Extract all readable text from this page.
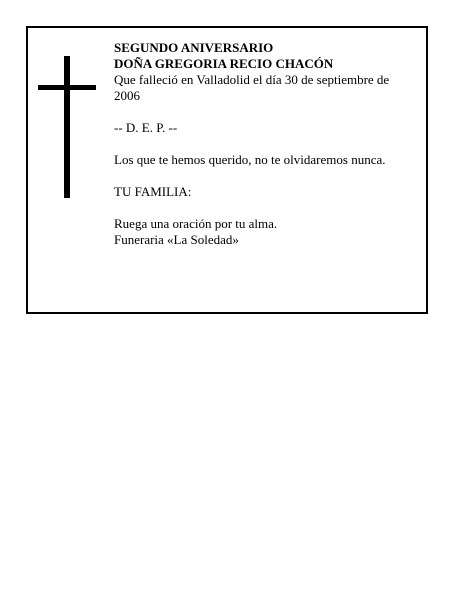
SEGUNDO ANIVERSARIO

DOÑA GREGORIA RECIO CHACÓN

Que falleció en Valladolid el día 30 de septiembre de 2006

-- D. E. P. --

Los que te hemos querido, no te olvidaremos nunca.

TU FAMILIA:

Ruega una oración por tu alma.

Funeraria «La Soledad»
